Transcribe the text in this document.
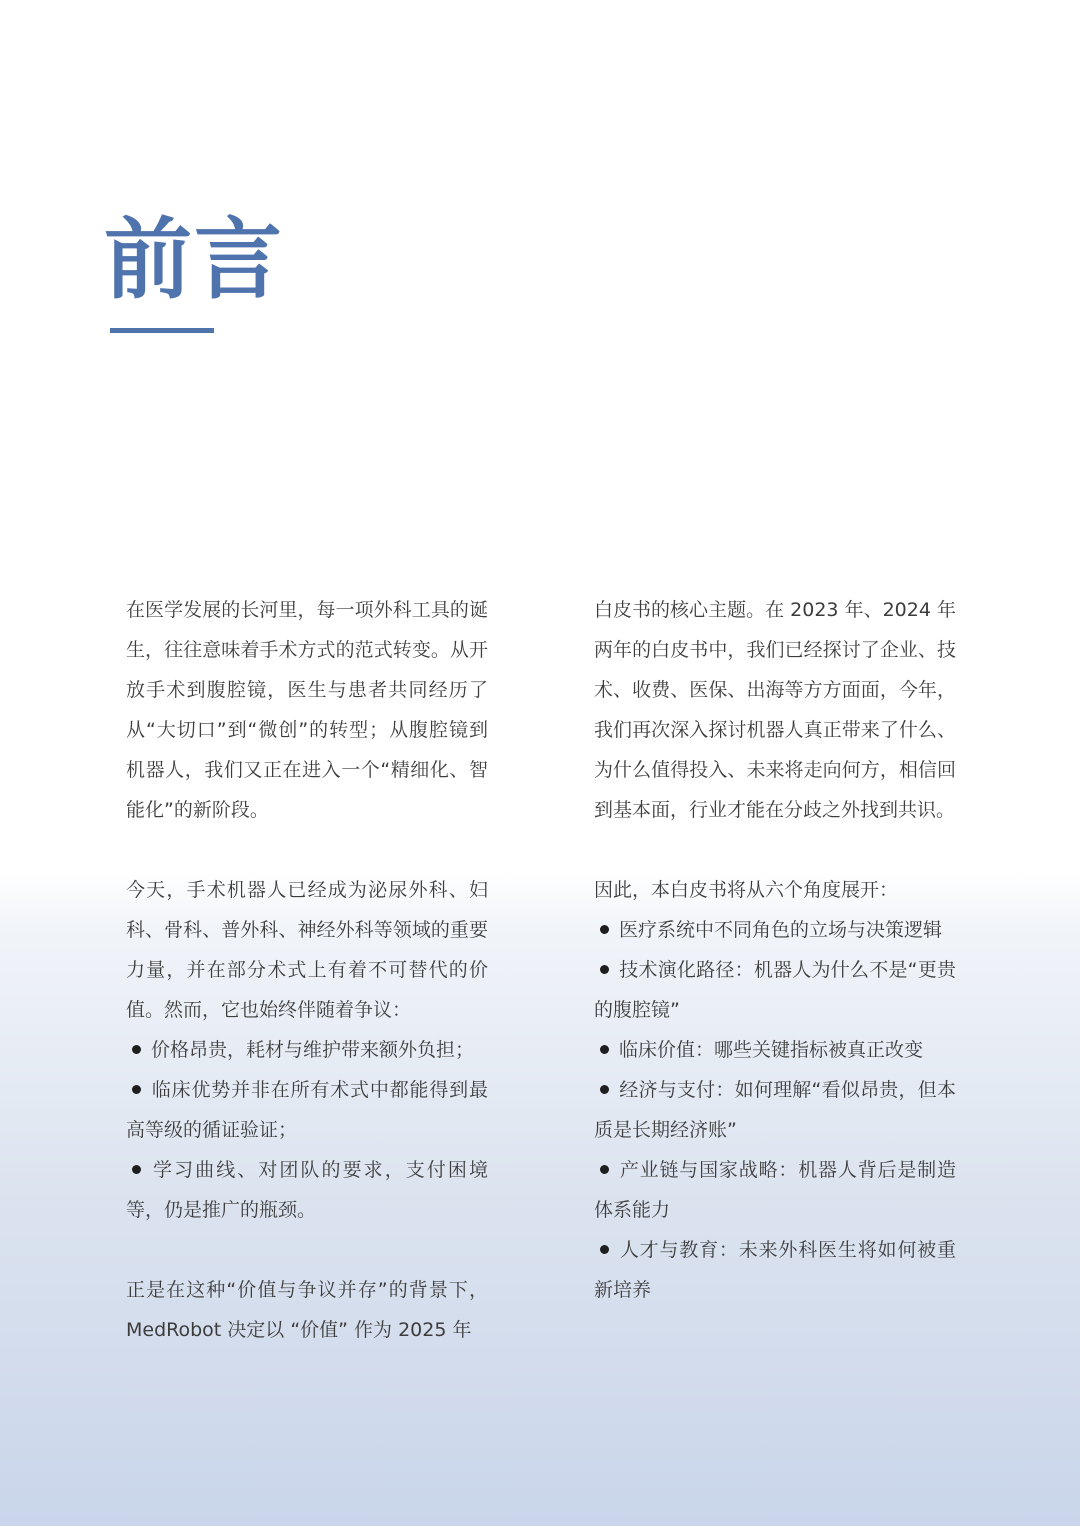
前言

在医学发展的长河里，每一项外科工具的诞生，往往意味着手术方式的范式转变。从开放手术到腹腔镜，医生与患者共同经历了从“大切口”到“微创”的转型；从腹腔镜到机器人，我们又正在进入一个“精细化、智能化”的新阶段。

今天，手术机器人已经成为泌尿外科、妇科、骨科、普外科、神经外科等领域的重要力量，并在部分术式上有着不可替代的价值。然而，它也始终伴随着争议：

价格昂贵，耗材与维护带来额外负担；

临床优势并非在所有术式中都能得到最高等级的循证验证；

学习曲线、对团队的要求，支付困境等，仍是推广的瓶颈。

正是在这种“价值与争议并存”的背景下，MedRobot 决定以 “价值” 作为 2025 年

白皮书的核心主题。在 2023 年、2024 年两年的白皮书中，我们已经探讨了企业、技术、收费、医保、出海等方方面面，今年，我们再次深入探讨机器人真正带来了什么、为什么值得投入、未来将走向何方，相信回到基本面，行业才能在分歧之外找到共识。

因此，本白皮书将从六个角度展开：

医疗系统中不同角色的立场与决策逻辑

技术演化路径：机器人为什么不是“更贵的腹腔镜”

临床价值：哪些关键指标被真正改变

经济与支付：如何理解“看似昂贵，但本质是长期经济账”

产业链与国家战略：机器人背后是制造体系能力

人才与教育：未来外科医生将如何被重新培养
